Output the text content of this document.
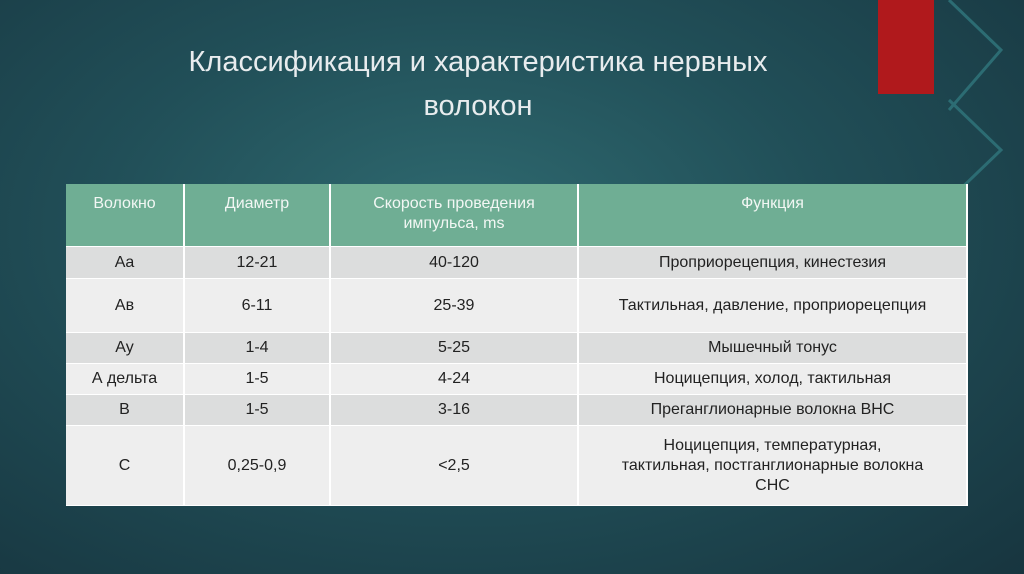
Классификация и характеристика нервных
волокон
Волокно	Диаметр	Скорость проведения импульса, ms	Функция
Aa	12-21	40-120	Проприорецепция, кинестезия
Ав	6-11	25-39	Тактильная, давление, проприорецепция
Ау	1-4	5-25	Мышечный тонус
А дельта	1-5	4-24	Ноцицепция, холод, тактильная
В	1-5	3-16	Преганглионарные волокна ВНС
С	0,25-0,9	<2,5	Ноцицепция, температурная, тактильная, постганглионарные волокна СНС
